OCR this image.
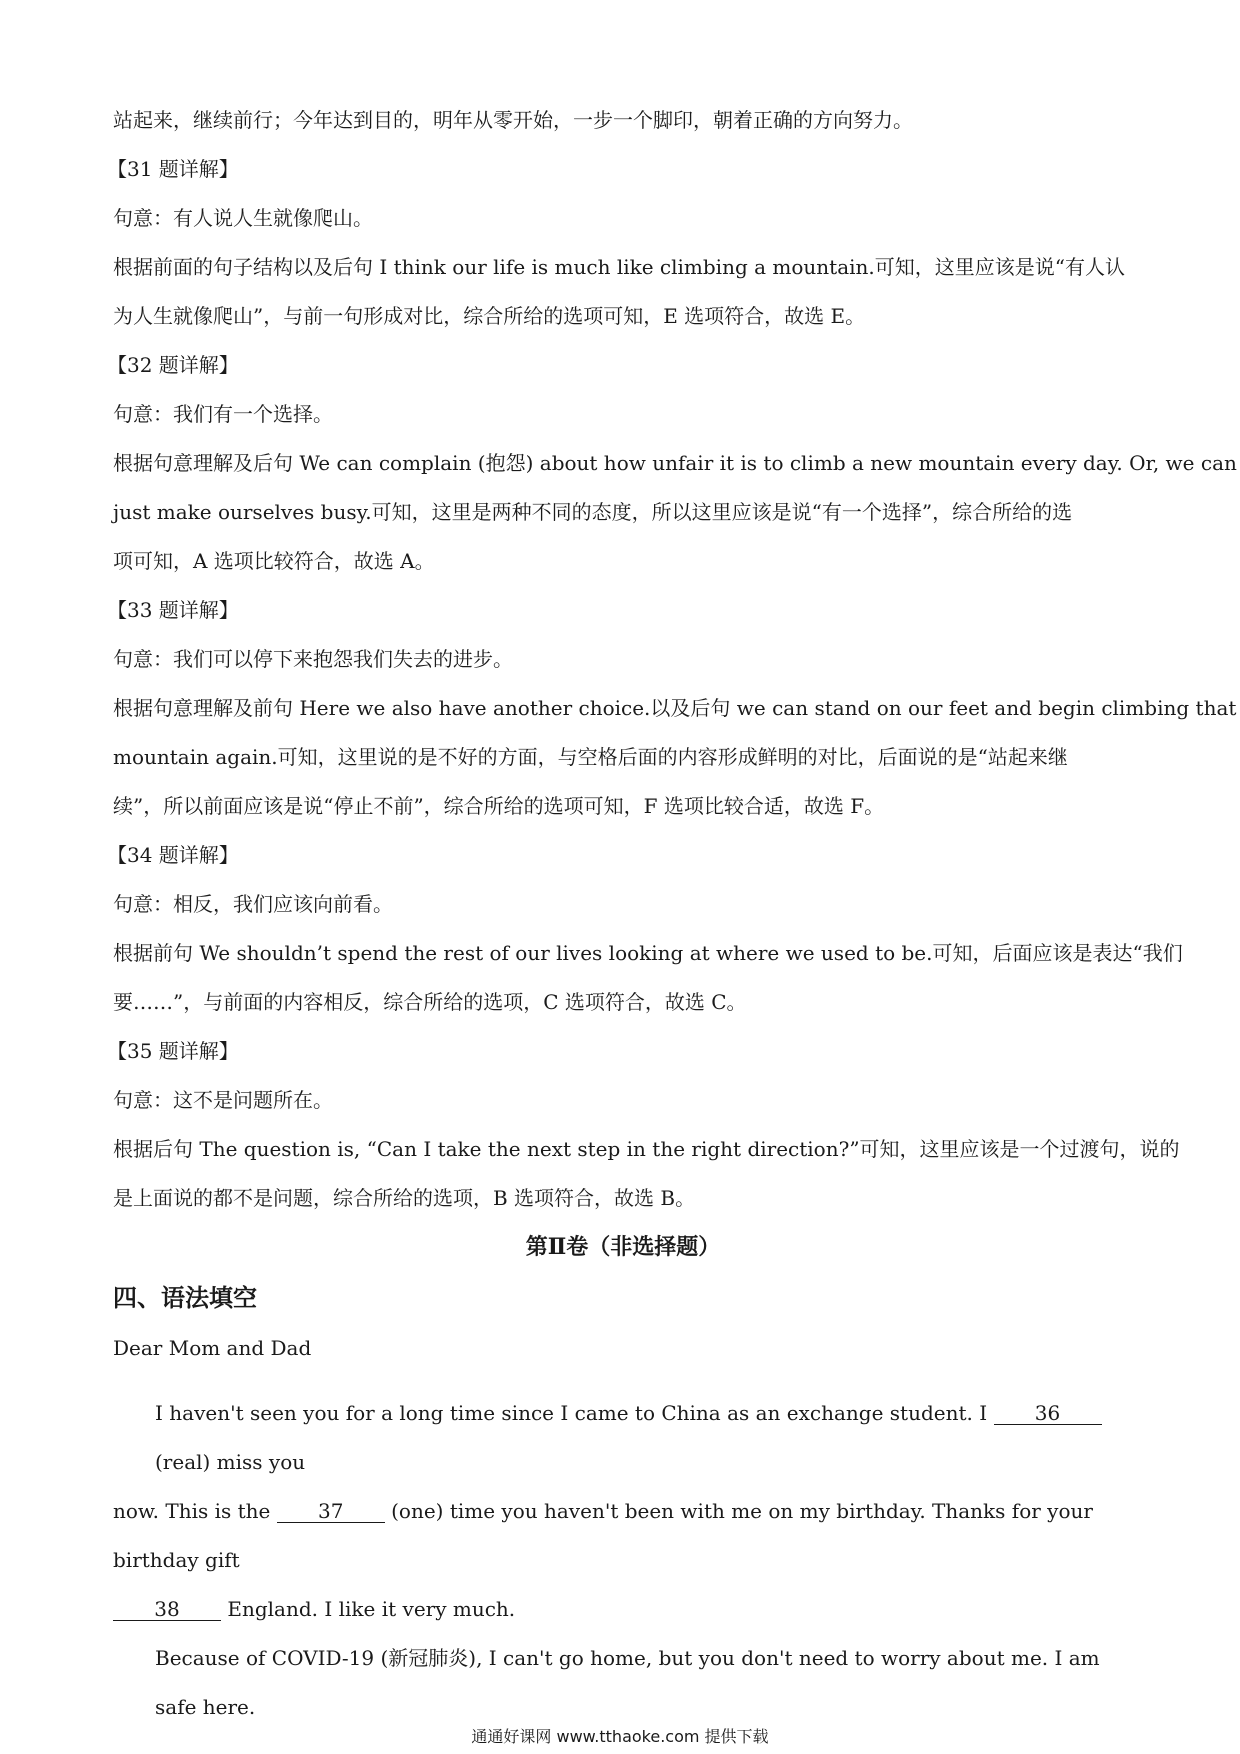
站起来，继续前行；今年达到目的，明年从零开始，一步一个脚印，朝着正确的方向努力。

【31 题详解】

句意：有人说人生就像爬山。

根据前面的句子结构以及后句 I think our life is much like climbing a mountain.可知，这里应该是说“有人认

为人生就像爬山”，与前一句形成对比，综合所给的选项可知，E 选项符合，故选 E。

【32 题详解】

句意：我们有一个选择。

根据句意理解及后句 We can complain (抱怨) about how unfair it is to climb a new mountain every day. Or, we can

just make ourselves busy.可知，这里是两种不同的态度，所以这里应该是说“有一个选择”，综合所给的选

项可知，A 选项比较符合，故选 A。

【33 题详解】

句意：我们可以停下来抱怨我们失去的进步。

根据句意理解及前句 Here we also have another choice.以及后句 we can stand on our feet and begin climbing that

mountain again.可知，这里说的是不好的方面，与空格后面的内容形成鲜明的对比，后面说的是“站起来继

续”，所以前面应该是说“停止不前”，综合所给的选项可知，F 选项比较合适，故选 F。

【34 题详解】

句意：相反，我们应该向前看。

根据前句 We shouldn’t spend the rest of our lives looking at where we used to be.可知，后面应该是表达“我们

要……”，与前面的内容相反，综合所给的选项，C 选项符合，故选 C。

【35 题详解】

句意：这不是问题所在。

根据后句 The question is, “Can I take the next step in the right direction?”可知，这里应该是一个过渡句，说的

是上面说的都不是问题，综合所给的选项，B 选项符合，故选 B。

第Ⅱ卷（非选择题）

四、语法填空

Dear Mom and Dad

I haven't seen you for a long time since I came to China as an exchange student. I 36 (real) miss you

now. This is the 37 (one) time you haven't been with me on my birthday. Thanks for your birthday gift

38 England. I like it very much.

Because of COVID-19 (新冠肺炎), I can't go home, but you don't need to worry about me. I am safe here.

通通好课网 www.tthaoke.com 提供下载
